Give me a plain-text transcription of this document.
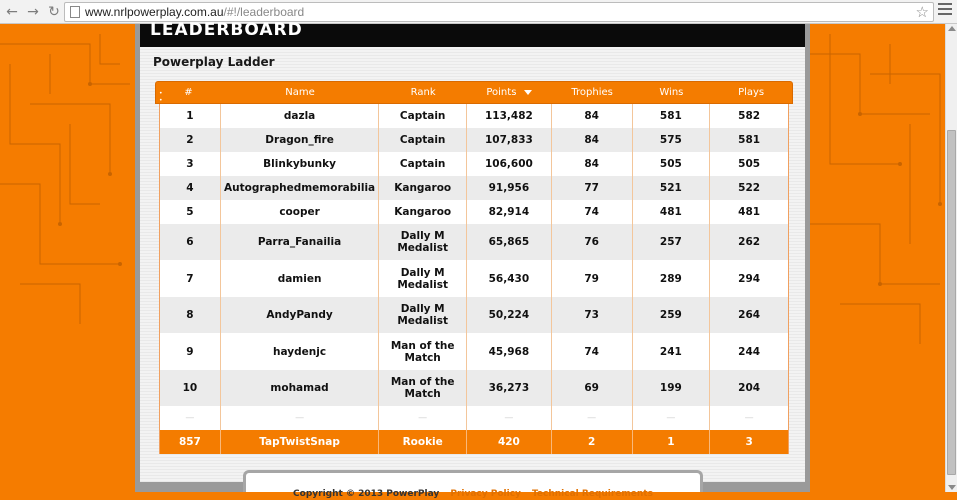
← → ↻ www.nrlpowerplay.com.au /#!/leaderboard	☆
LEADERBOARD
Powerplay Ladder
•
•
#	Name	Rank	Points	Trophies	Wins	Plays
1	dazla	Captain	113,482	84	581	582
2	Dragon_fire	Captain	107,833	84	575	581
3	Blinkybunky	Captain	106,600	84	505	505
4	Autographedmemorabilia	Kangaroo	91,956	77	521	522
5	cooper	Kangaroo	82,914	74	481	481
6	Parra_Fanailia	Dally M Medalist	65,865	76	257	262
7	damien	Dally M Medalist	56,430	79	289	294
8	AndyPandy	Dally M Medalist	50,224	73	259	264
9	haydenjc	Man of the Match	45,968	74	241	244
10	mohamad	Man of the Match	36,273	69	199	204
—	—	—	—	—	—	—
857	TapTwistSnap	Rookie	420	2	1	3
Copyright © 2013 PowerPlay Privacy Policy Technical Requirements
